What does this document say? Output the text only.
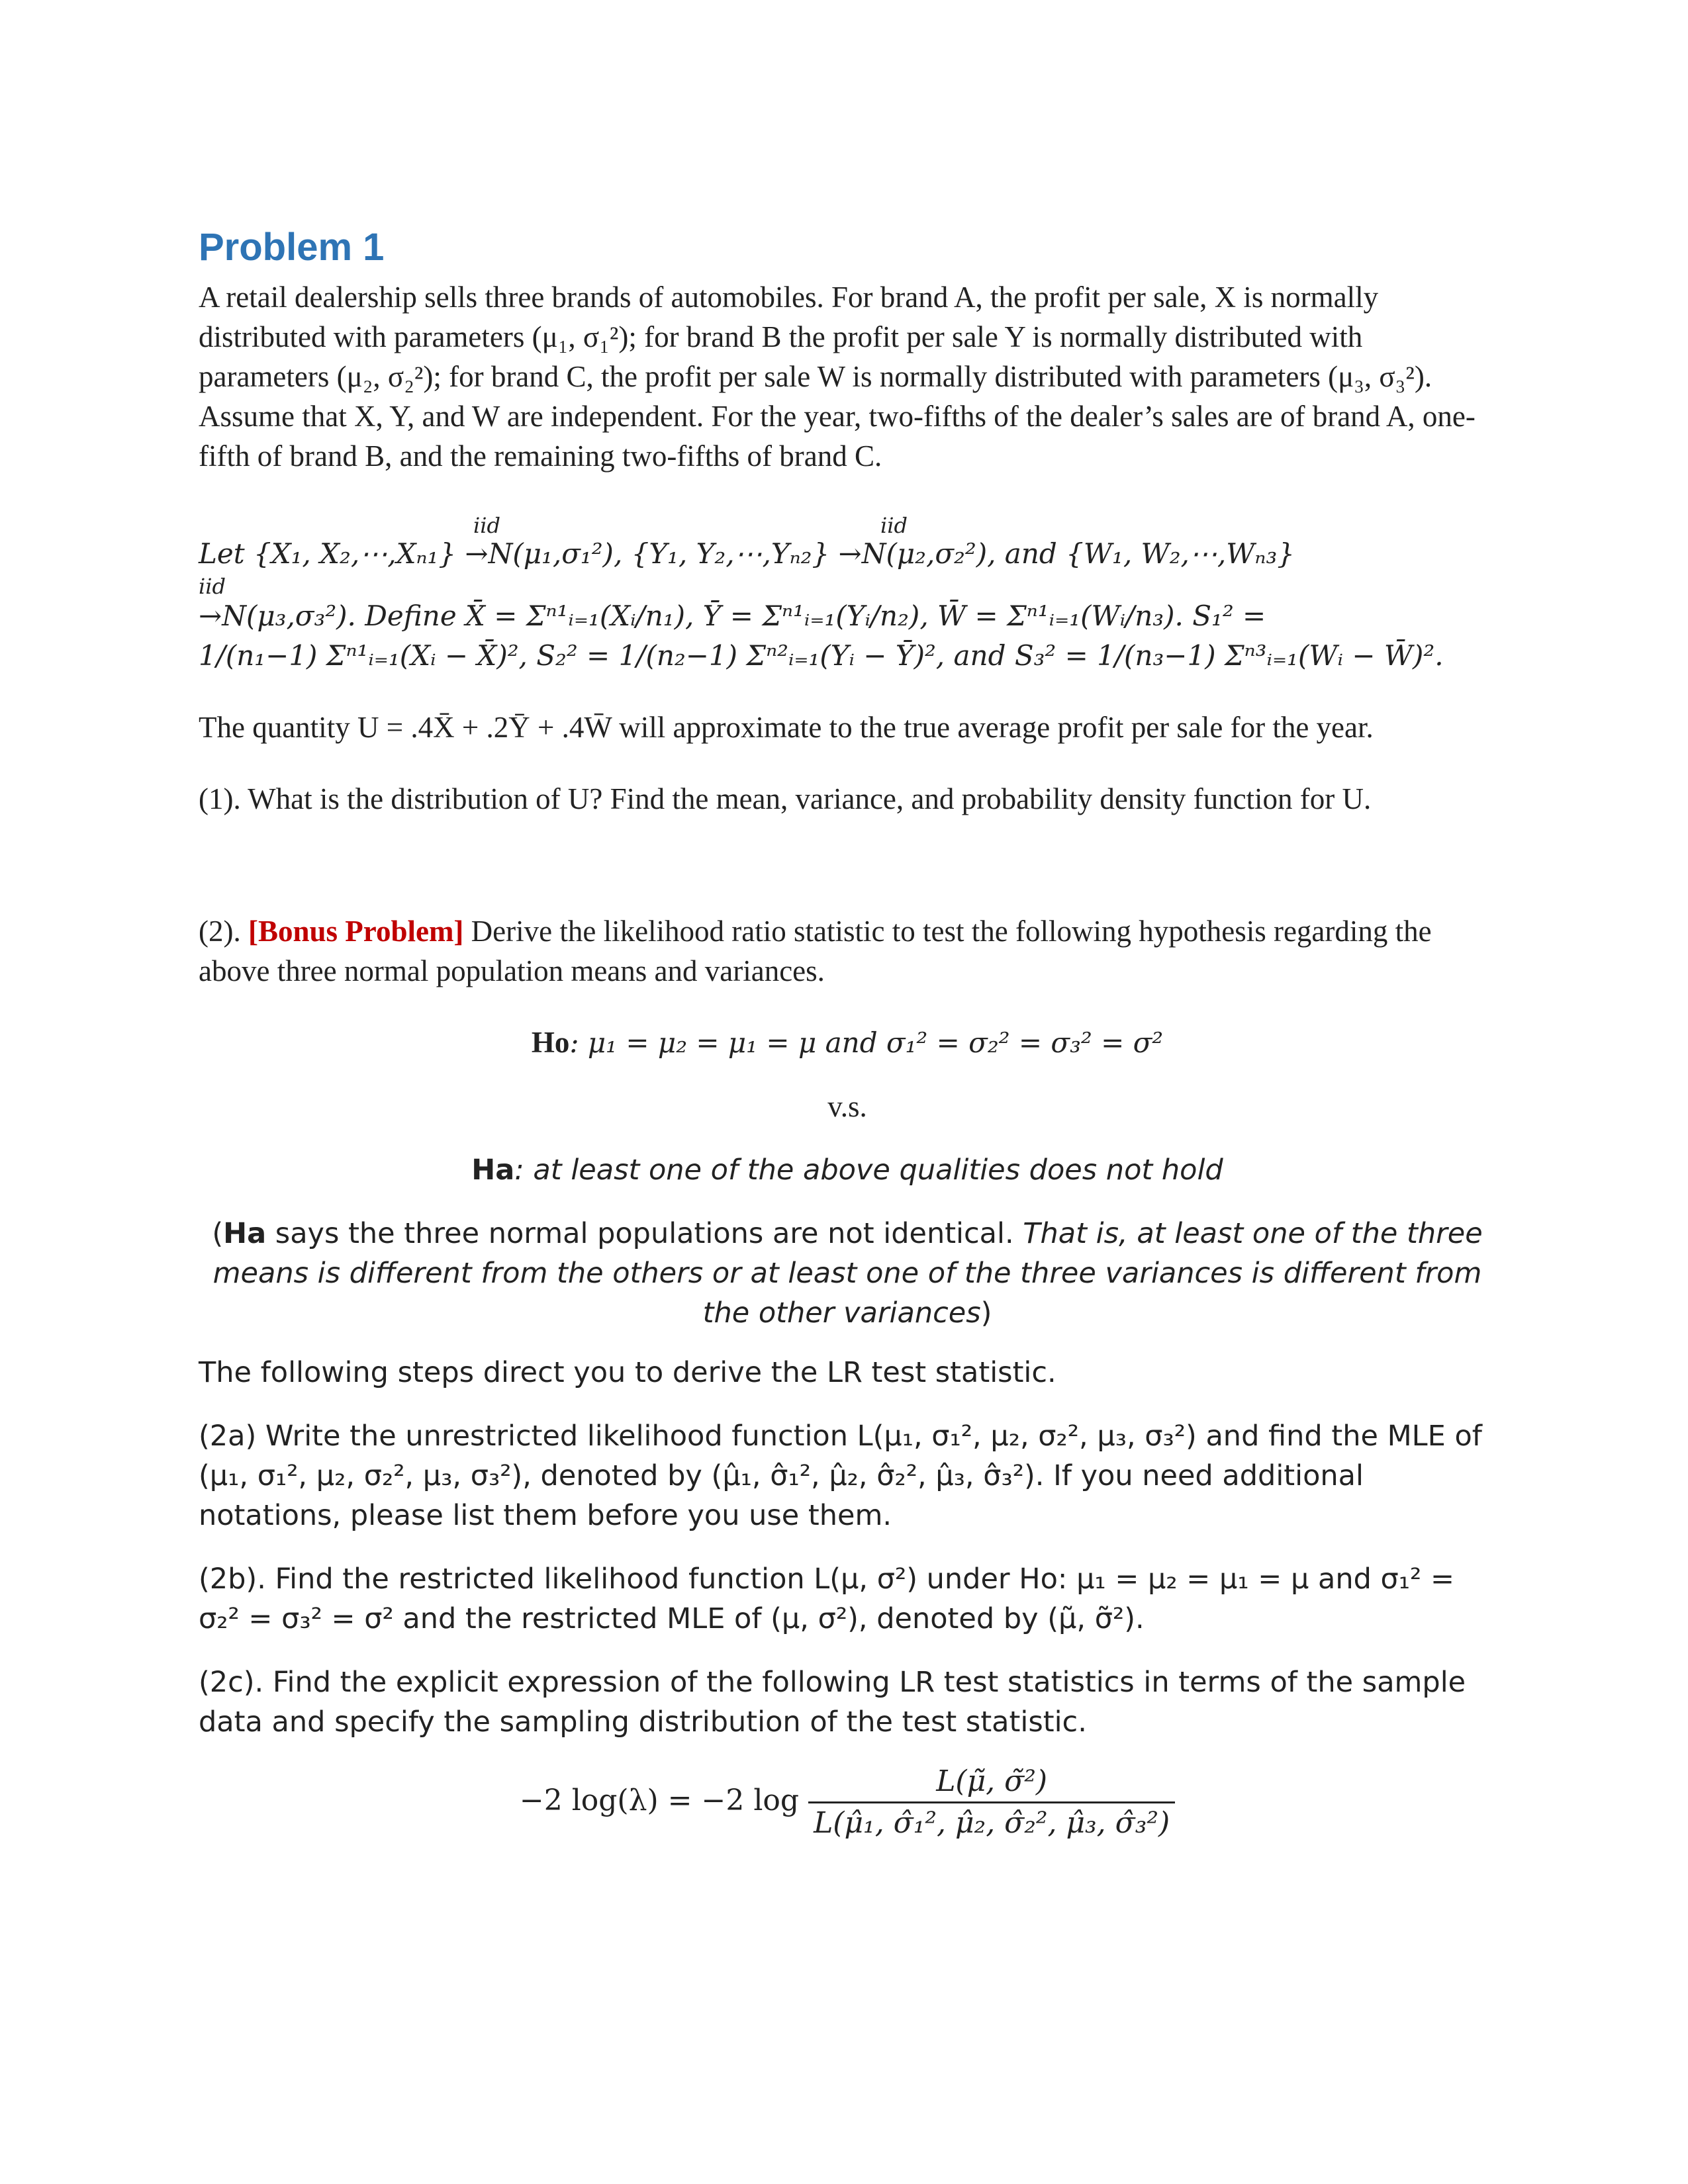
Problem 1

A retail dealership sells three brands of automobiles. For brand A, the profit per sale, X is normally distributed with parameters (μ₁, σ₁²); for brand B the profit per sale Y is normally distributed with parameters (μ₂, σ₂²); for brand C, the profit per sale W is normally distributed with parameters (μ₃, σ₃²). Assume that X, Y, and W are independent. For the year, two-fifths of the dealer’s sales are of brand A, one-fifth of brand B, and the remaining two-fifths of brand C.

iid	iid

Let {X₁, X₂,⋯,Xₙ₁} →N(μ₁,σ₁²), {Y₁, Y₂,⋯,Yₙ₂} →N(μ₂,σ₂²), and {W₁, W₂,⋯,Wₙ₃}

iid

→N(μ₃,σ₃²). Define X̄ = Σⁿ¹ᵢ₌₁(Xᵢ/n₁), Ȳ = Σⁿ¹ᵢ₌₁(Yᵢ/n₂), W̄ = Σⁿ¹ᵢ₌₁(Wᵢ/n₃). S₁² =

1/(n₁−1) Σⁿ¹ᵢ₌₁(Xᵢ − X̄)², S₂² = 1/(n₂−1) Σⁿ²ᵢ₌₁(Yᵢ − Ȳ)², and S₃² = 1/(n₃−1) Σⁿ³ᵢ₌₁(Wᵢ − W̄)².

The quantity U = .4X̄ + .2Ȳ + .4W̄ will approximate to the true average profit per sale for the year.

(1). What is the distribution of U? Find the mean, variance, and probability density function for U.

(2). [Bonus Problem] Derive the likelihood ratio statistic to test the following hypothesis regarding the above three normal population means and variances.

Ho: μ₁ = μ₂ = μ₁ = μ and σ₁² = σ₂² = σ₃² = σ²

v.s.

Ha: at least one of the above qualities does not hold

(Ha says the three normal populations are not identical. That is, at least one of the three means is different from the others or at least one of the three variances is different from the other variances)

The following steps direct you to derive the LR test statistic.

(2a) Write the unrestricted likelihood function L(μ₁, σ₁², μ₂, σ₂², μ₃, σ₃²) and find the MLE of (μ₁, σ₁², μ₂, σ₂², μ₃, σ₃²), denoted by (μ̂₁, σ̂₁², μ̂₂, σ̂₂², μ̂₃, σ̂₃²). If you need additional notations, please list them before you use them.

(2b). Find the restricted likelihood function L(μ, σ²) under Ho: μ₁ = μ₂ = μ₁ = μ and σ₁² = σ₂² = σ₃² = σ² and the restricted MLE of (μ, σ²), denoted by (μ̃, σ̃²).

(2c). Find the explicit expression of the following LR test statistics in terms of the sample data and specify the sampling distribution of the test statistic.

−2 log(λ) = −2 $\log \frac{\text{L(μ̃, σ̃²)}}{\text{L(μ̂₁, σ̂₁², μ̂₂, σ̂₂², μ̂₃, σ̂₃²)}}$
